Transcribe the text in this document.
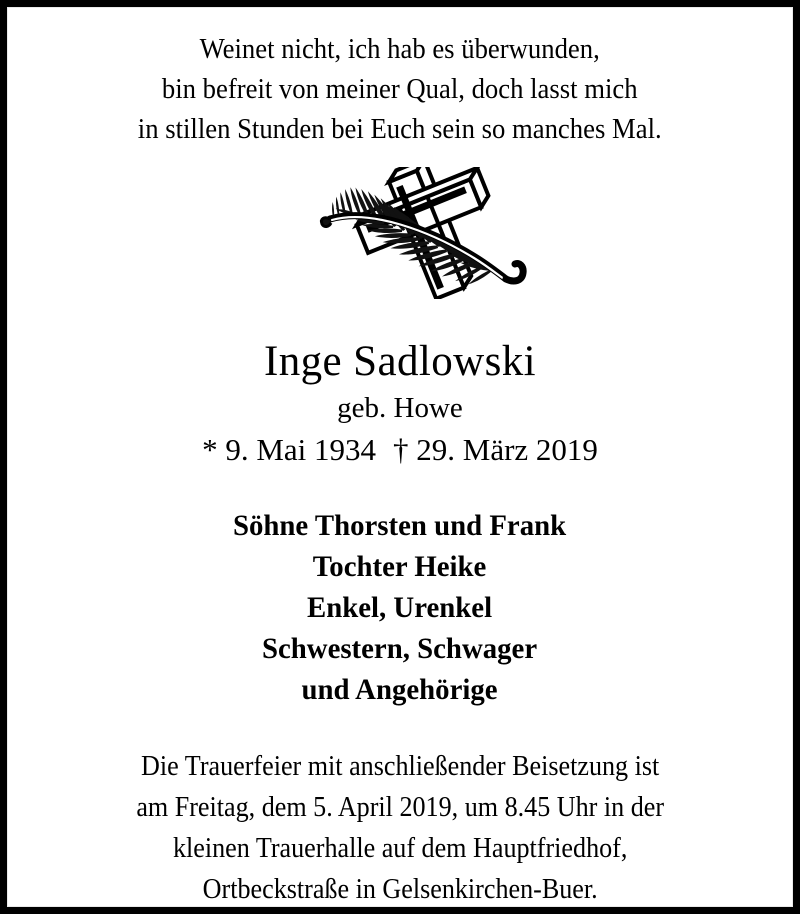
Weinet nicht, ich hab es überwunden,
bin befreit von meiner Qual, doch lasst mich
in stillen Stunden bei Euch sein so manches Mal.
Inge Sadlowski
geb. Howe
* 9. Mai 1934 † 29. März 2019
Söhne Thorsten und Frank
Tochter Heike
Enkel, Urenkel
Schwestern, Schwager
und Angehörige
Die Trauerfeier mit anschließender Beisetzung ist
am Freitag, dem 5. April 2019, um 8.45 Uhr in der
kleinen Trauerhalle auf dem Hauptfriedhof,
Ortbeckstraße in Gelsenkirchen-Buer.
